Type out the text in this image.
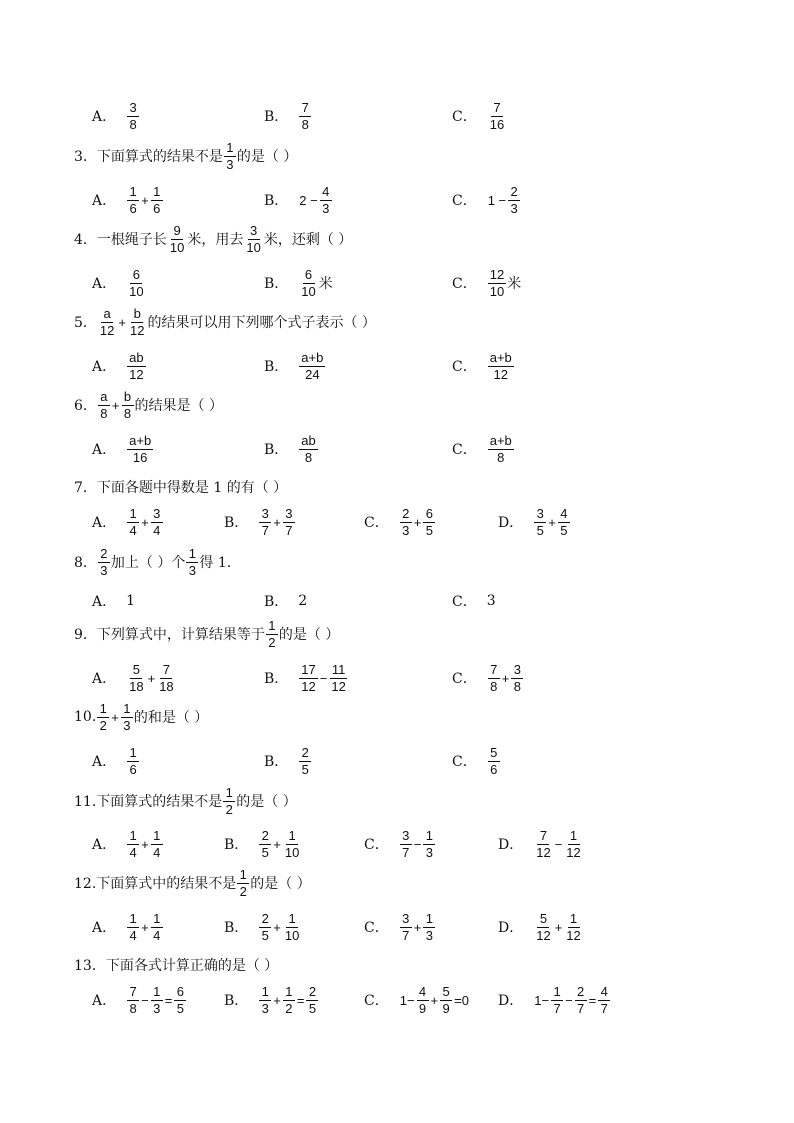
A． $\frac{3}{8}$	B． $\frac{7}{8}$	C． $\frac{7}{16}$
3．下面算式的结果不是 $\frac{1}{3}$ 的是（ ）
A． $\frac{1}{6} + \frac{1}{6}$	B． $2 - \frac{4}{3}$	C． $1 - \frac{2}{3}$
4．一根绳子长 $\frac{9}{10}$ 米，用去 $\frac{3}{10}$ 米，还剩（ ）
A． $\frac{6}{10}$	B． $\frac{6}{10}$ 米	C． $\frac{12}{10}$ 米
5． $\frac{a}{12} + \frac{b}{12}$ 的结果可以用下列哪个式子表示（ ）
A． $\frac{ab}{12}$	B． $\frac{a+b}{24}$	C． $\frac{a+b}{12}$
6． $\frac{a}{8} + \frac{b}{8}$ 的结果是（ ）
A． $\frac{a+b}{16}$	B． $\frac{ab}{8}$	C． $\frac{a+b}{8}$
7．下面各题中得数是 1 的有（ ）
A． $\frac{1}{4} + \frac{3}{4}$	B． $\frac{3}{7} + \frac{3}{7}$	C． $\frac{2}{3} + \frac{6}{5}$	D． $\frac{3}{5} + \frac{4}{5}$
8． $\frac{2}{3}$ 加上（ ）个 $\frac{1}{3}$ 得 1．
A． 1	B． 2	C． 3
9．下列算式中，计算结果等于 $\frac{1}{2}$ 的是（ ）
A． $\frac{5}{18} + \frac{7}{18}$	B． $\frac{17}{12} - \frac{11}{12}$	C． $\frac{7}{8} + \frac{3}{8}$
10. $\frac{1}{2} + \frac{1}{3}$ 的和是（ ）
A． $\frac{1}{6}$	B． $\frac{2}{5}$	C． $\frac{5}{6}$
11.下面算式的结果不是 $\frac{1}{2}$ 的是（ ）
A． $\frac{1}{4} + \frac{1}{4}$	B． $\frac{2}{5} + \frac{1}{10}$	C． $\frac{3}{7} - \frac{1}{3}$	D． $\frac{7}{12} - \frac{1}{12}$
12.下面算式中的结果不是 $\frac{1}{2}$ 的是（ ）
A． $\frac{1}{4} + \frac{1}{4}$	B． $\frac{2}{5} + \frac{1}{10}$	C． $\frac{3}{7} + \frac{1}{3}$	D． $\frac{5}{12} + \frac{1}{12}$
13．下面各式计算正确的是（ ）
A． $\frac{7}{8} - \frac{1}{3} = \frac{6}{5}$	B． $\frac{1}{3} + \frac{1}{2} = \frac{2}{5}$	C． $1- \frac{4}{9} + \frac{5}{9} =0$ D． $1- \frac{1}{7} - \frac{2}{7} = \frac{4}{7}$
